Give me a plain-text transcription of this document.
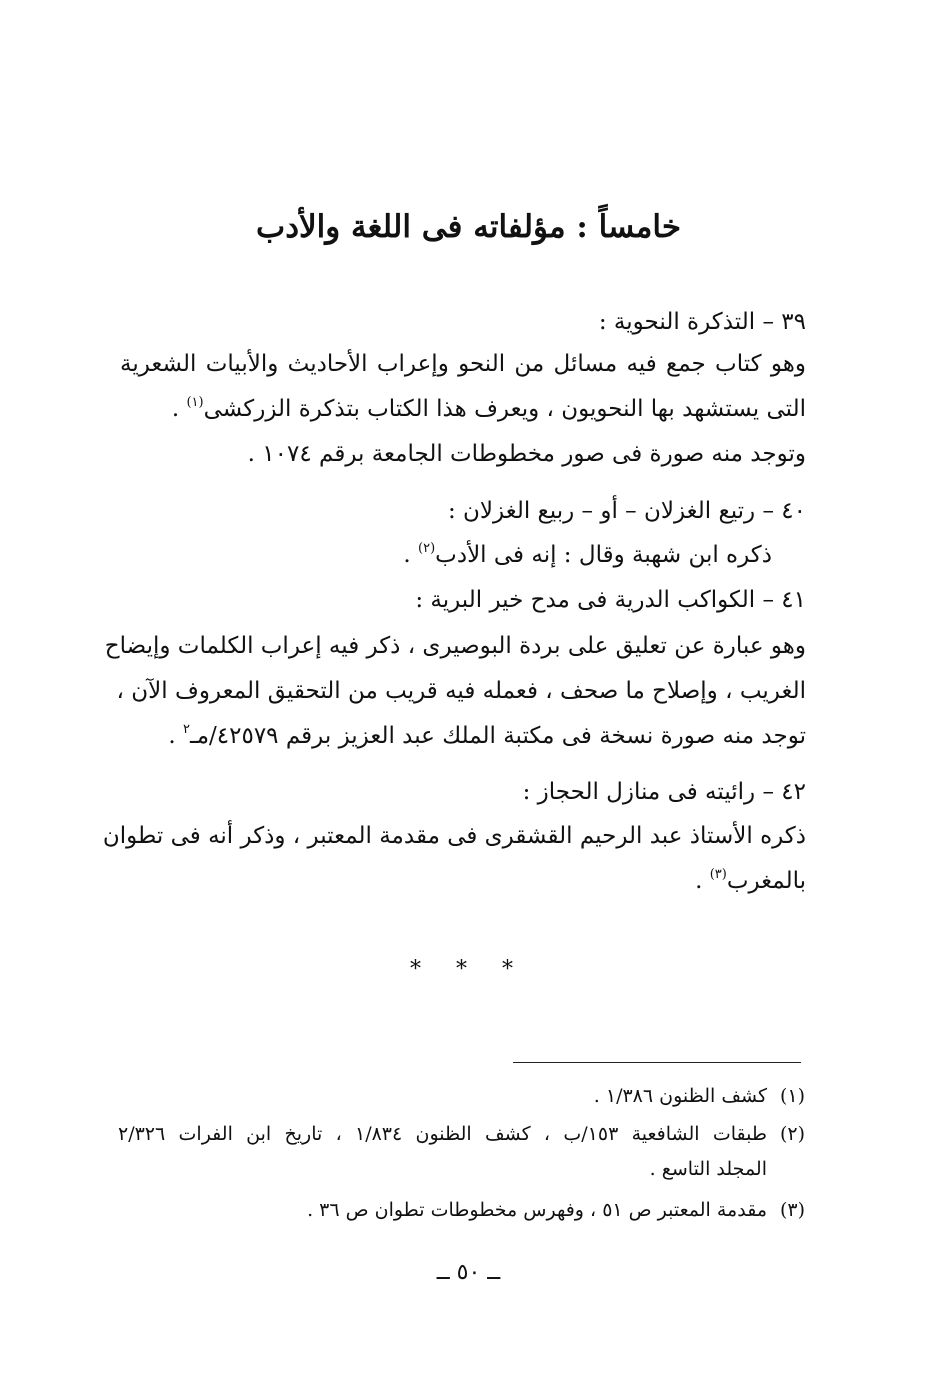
خامساً : مؤلفاته فى اللغة والأدب
٣٩ – التذكرة النحوية :
وهو كتاب جمع فيه مسائل من النحو وإعراب الأحاديث والأبيات الشعرية
التى يستشهد بها النحويون ، ويعرف هذا الكتاب بتذكرة الزركشى$^{(١)}$ .
وتوجد منه صورة فى صور مخطوطات الجامعة برقم ١٠٧٤ .
٤٠ – رتيع الغزلان – أو – ربيع الغزلان :
ذكره ابن شهبة وقال : إنه فى الأدب$^{(٢)}$ .
٤١ – الكواكب الدرية فى مدح خير البرية :
وهو عبارة عن تعليق على بردة البوصيرى ، ذكر فيه إعراب الكلمات وإيضاح
الغريب ، وإصلاح ما صحف ، فعمله فيه قريب من التحقيق المعروف الآن ،
توجد منه صورة نسخة فى مكتبة الملك عبد العزيز برقم ٤٢٥٧٩/مـ$^٢$ .
٤٢ – رائيته فى منازل الحجاز :
ذكره الأستاذ عبد الرحيم القشقرى فى مقدمة المعتبر ، وذكر أنه فى تطوان
بالمغرب$^{(٣)}$ .
* * *
(١)
كشف الظنون ١/٣٨٦ .
(٢)
طبقات الشافعية ١٥٣/ب ، كشف الظنون ١/٨٣٤ ، تاريخ ابن الفرات ٢/٣٢٦
المجلد التاسع .
(٣)
مقدمة المعتبر ص ٥١ ، وفهرس مخطوطات تطوان ص ٣٦ .
ــ ٥٠ ــ
